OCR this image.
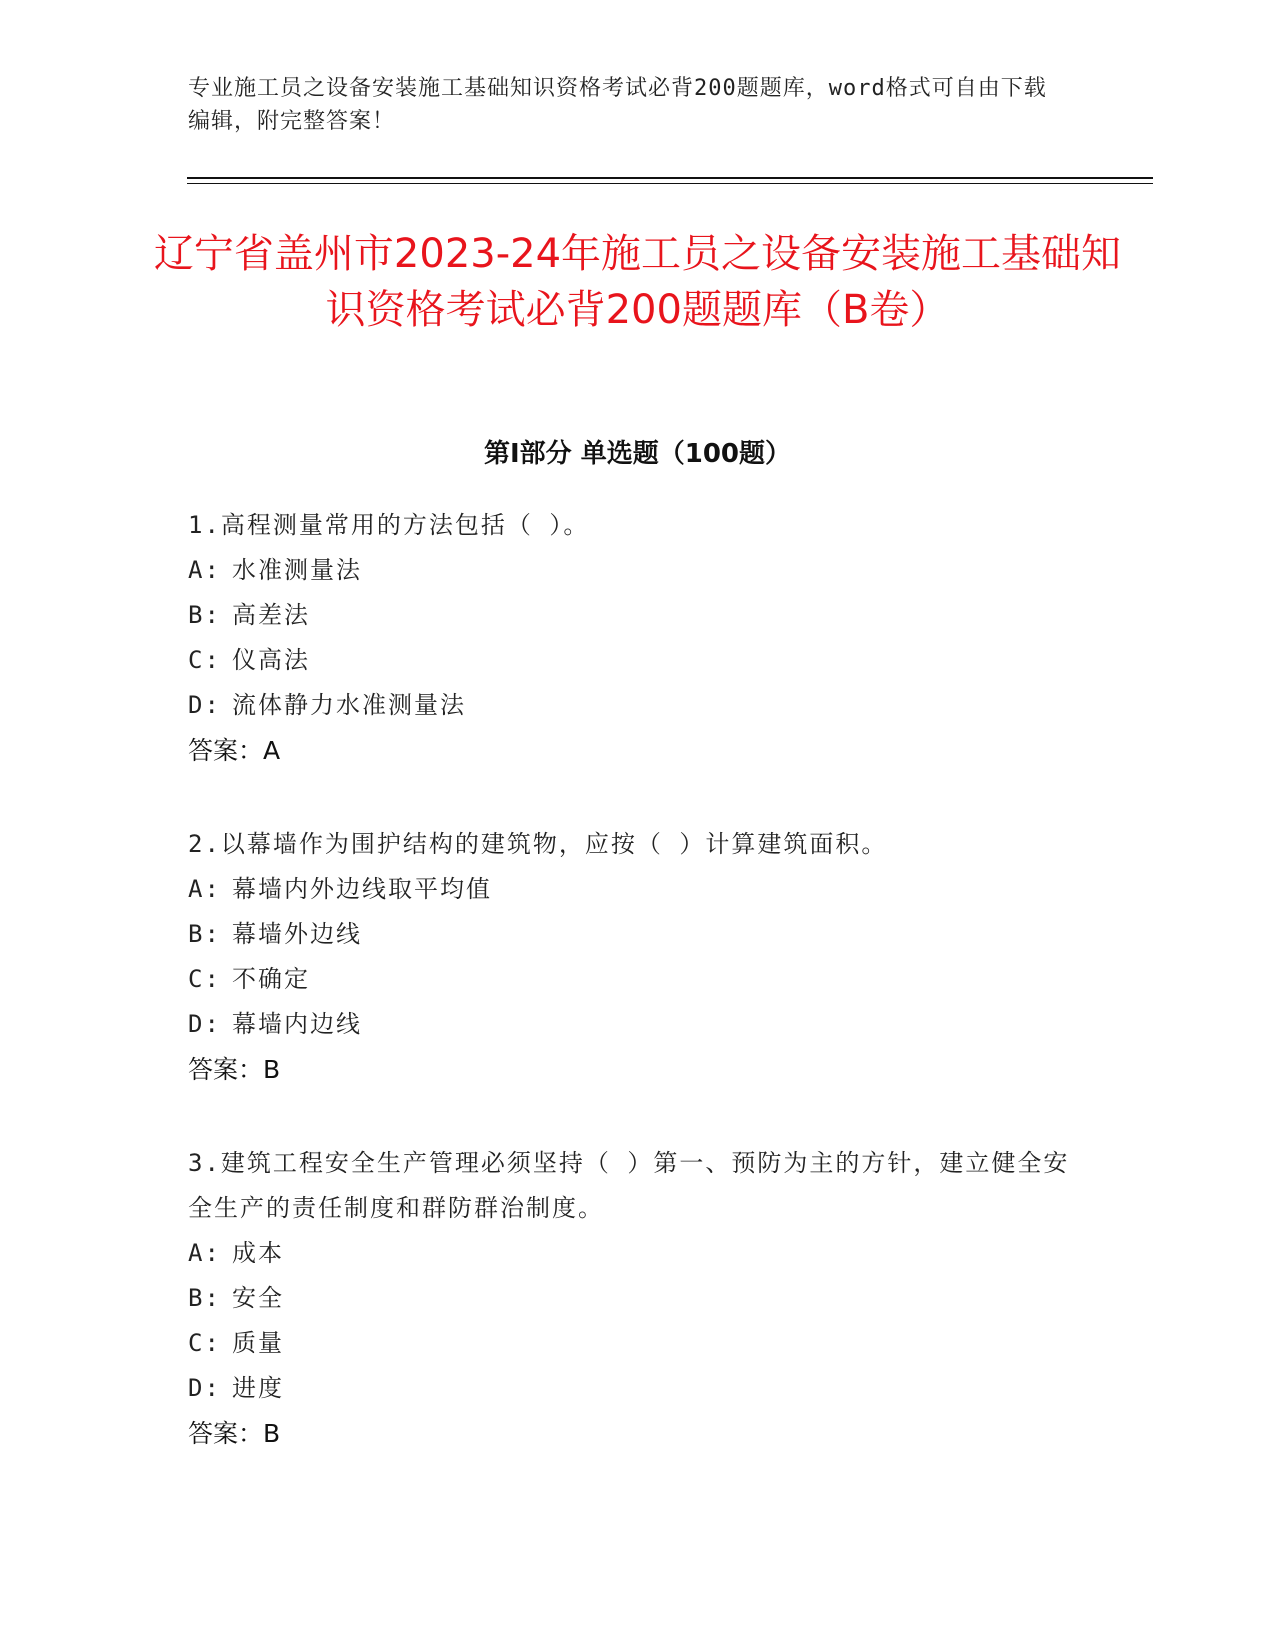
专业施工员之设备安装施工基础知识资格考试必背200题题库，word格式可自由下载编辑，附完整答案！
辽宁省盖州市2023-24年施工员之设备安装施工基础知识资格考试必背200题题库（B卷）
第I部分 单选题（100题）

1.高程测量常用的方法包括（ ）。

A: 水准测量法

B: 高差法

C: 仪高法

D: 流体静力水准测量法

答案：A

2.以幕墙作为围护结构的建筑物，应按（ ）计算建筑面积。

A: 幕墙内外边线取平均值

B: 幕墙外边线

C: 不确定

D: 幕墙内边线

答案：B

3.建筑工程安全生产管理必须坚持（ ）第一、预防为主的方针，建立健全安全生产的责任制度和群防群治制度。

A: 成本

B: 安全

C: 质量

D: 进度

答案：B
